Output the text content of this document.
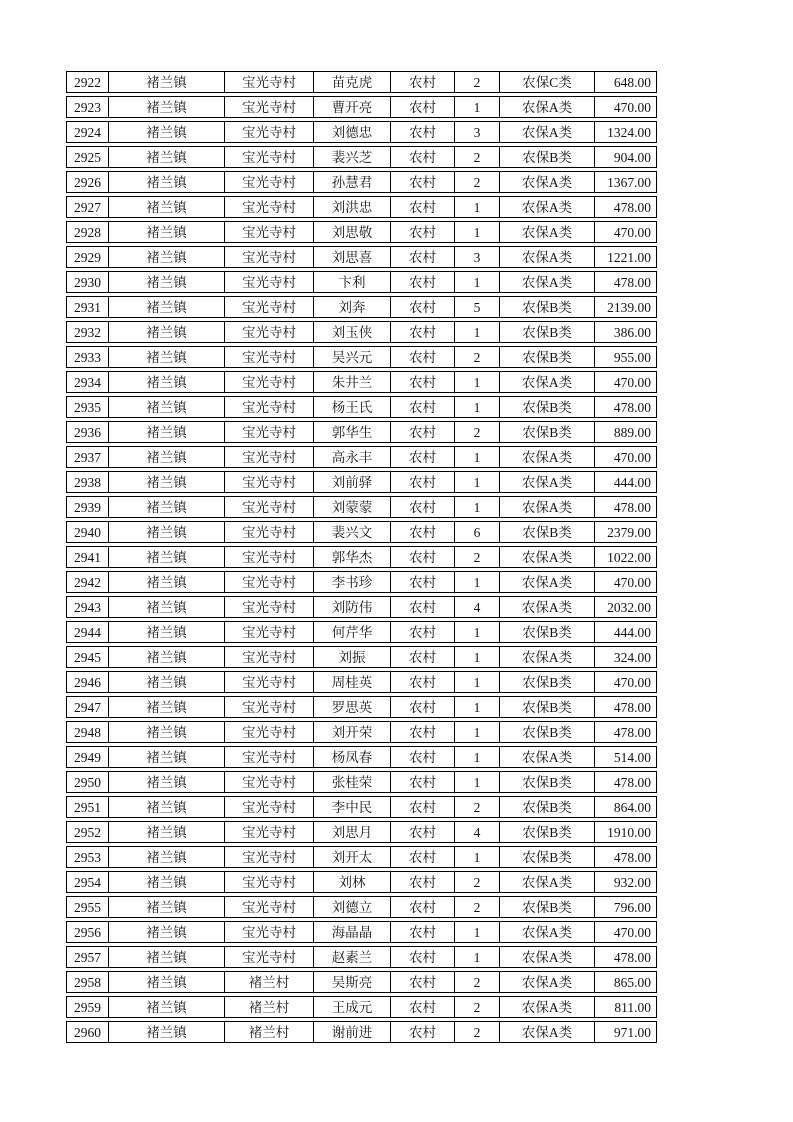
2922	褚兰镇	宝光寺村	苗克虎	农村	2	农保C类	648.00
2923	褚兰镇	宝光寺村	曹开亮	农村	1	农保A类	470.00
2924	褚兰镇	宝光寺村	刘德忠	农村	3	农保A类	1324.00
2925	褚兰镇	宝光寺村	裴兴芝	农村	2	农保B类	904.00
2926	褚兰镇	宝光寺村	孙慧君	农村	2	农保A类	1367.00
2927	褚兰镇	宝光寺村	刘洪忠	农村	1	农保A类	478.00
2928	褚兰镇	宝光寺村	刘思敬	农村	1	农保A类	470.00
2929	褚兰镇	宝光寺村	刘思喜	农村	3	农保A类	1221.00
2930	褚兰镇	宝光寺村	卞利	农村	1	农保A类	478.00
2931	褚兰镇	宝光寺村	刘奔	农村	5	农保B类	2139.00
2932	褚兰镇	宝光寺村	刘玉侠	农村	1	农保B类	386.00
2933	褚兰镇	宝光寺村	吴兴元	农村	2	农保B类	955.00
2934	褚兰镇	宝光寺村	朱井兰	农村	1	农保A类	470.00
2935	褚兰镇	宝光寺村	杨王氏	农村	1	农保B类	478.00
2936	褚兰镇	宝光寺村	郭华生	农村	2	农保B类	889.00
2937	褚兰镇	宝光寺村	高永丰	农村	1	农保A类	470.00
2938	褚兰镇	宝光寺村	刘前驿	农村	1	农保A类	444.00
2939	褚兰镇	宝光寺村	刘蒙蒙	农村	1	农保A类	478.00
2940	褚兰镇	宝光寺村	裴兴文	农村	6	农保B类	2379.00
2941	褚兰镇	宝光寺村	郭华杰	农村	2	农保A类	1022.00
2942	褚兰镇	宝光寺村	李书珍	农村	1	农保A类	470.00
2943	褚兰镇	宝光寺村	刘防伟	农村	4	农保A类	2032.00
2944	褚兰镇	宝光寺村	何芹华	农村	1	农保B类	444.00
2945	褚兰镇	宝光寺村	刘振	农村	1	农保A类	324.00
2946	褚兰镇	宝光寺村	周桂英	农村	1	农保B类	470.00
2947	褚兰镇	宝光寺村	罗思英	农村	1	农保B类	478.00
2948	褚兰镇	宝光寺村	刘开荣	农村	1	农保B类	478.00
2949	褚兰镇	宝光寺村	杨凤春	农村	1	农保A类	514.00
2950	褚兰镇	宝光寺村	张桂荣	农村	1	农保B类	478.00
2951	褚兰镇	宝光寺村	李中民	农村	2	农保B类	864.00
2952	褚兰镇	宝光寺村	刘思月	农村	4	农保B类	1910.00
2953	褚兰镇	宝光寺村	刘开太	农村	1	农保B类	478.00
2954	褚兰镇	宝光寺村	刘林	农村	2	农保A类	932.00
2955	褚兰镇	宝光寺村	刘德立	农村	2	农保B类	796.00
2956	褚兰镇	宝光寺村	海晶晶	农村	1	农保A类	470.00
2957	褚兰镇	宝光寺村	赵素兰	农村	1	农保A类	478.00
2958	褚兰镇	褚兰村	吴斯亮	农村	2	农保A类	865.00
2959	褚兰镇	褚兰村	王成元	农村	2	农保A类	811.00
2960	褚兰镇	褚兰村	谢前进	农村	2	农保A类	971.00
